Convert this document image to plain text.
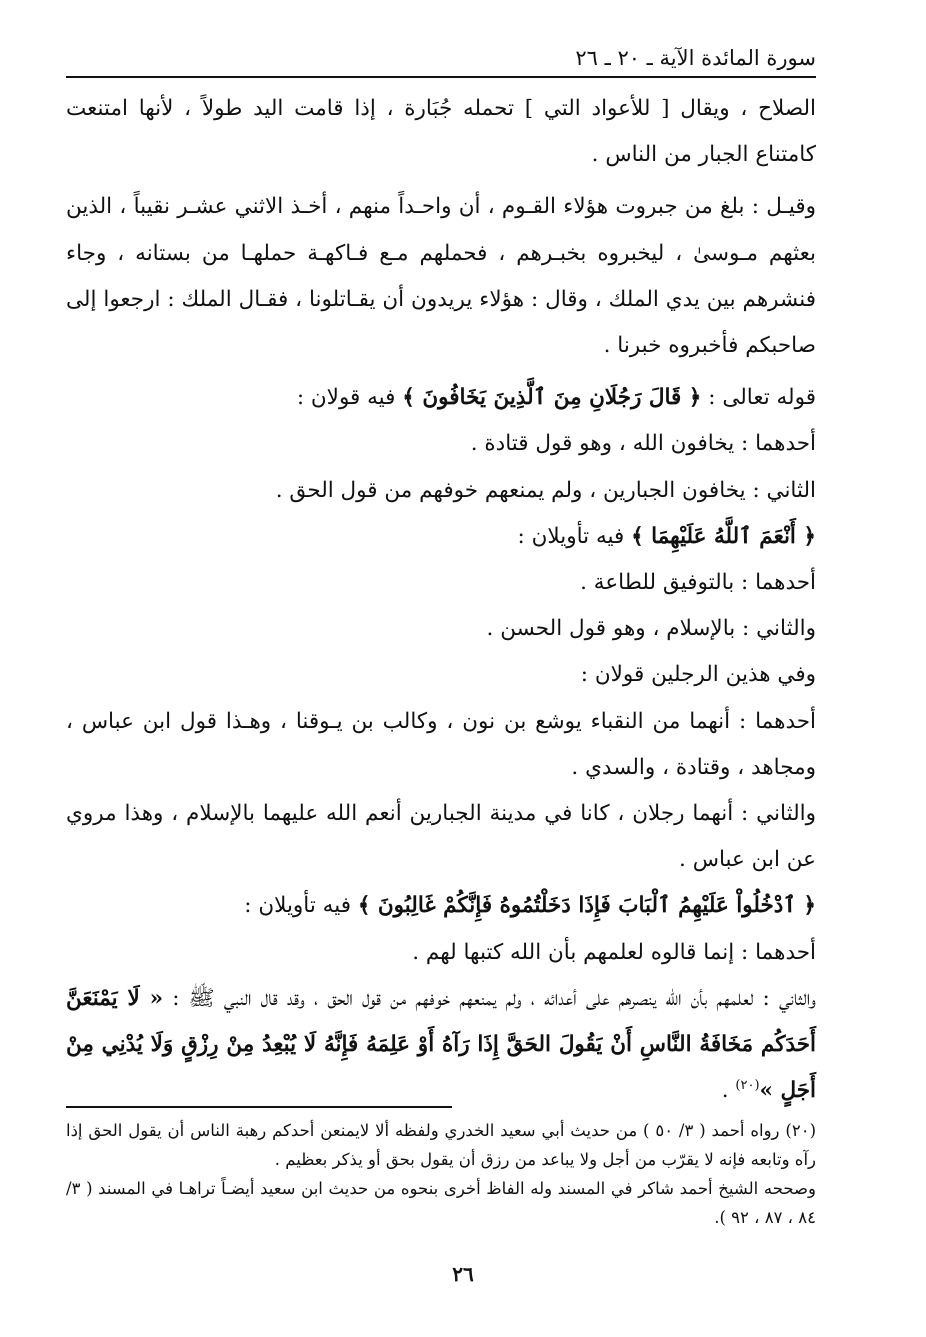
سورة المائدة الآية ـ ٢٠ ـ ٢٦

الصلاح ، ويقال [ للأعواد التي ] تحمله جُبَارة ، إذا قامت اليد طولاً ، لأنها امتنعت كامتناع الجبار من الناس .

وقيـل : بلغ من جبروت هؤلاء القـوم ، أن واحـداً منهم ، أخـذ الاثني عشـر نقيباً ، الذين بعثهم مـوسىٰ ، ليخبروه بخبـرهم ، فحملهم مـع فـاكهـة حملهـا من بستانه ، وجاء فنشرهم بين يدي الملك ، وقال : هؤلاء يريدون أن يقـاتلونا ، فقـال الملك : ارجعوا إلى صاحبكم فأخبروه خبرنا .

قوله تعالى : ﴿ قَالَ رَجُلَانِ مِنَ ٱلَّذِينَ يَخَافُونَ ﴾ فيه قولان :

أحدهما : يخافون الله ، وهو قول قتادة .

الثاني : يخافون الجبارين ، ولم يمنعهم خوفهم من قول الحق .

﴿ أَنْعَمَ ٱللَّهُ عَلَيْهِمَا ﴾ فيه تأويلان :

أحدهما : بالتوفيق للطاعة .

والثاني : بالإسلام ، وهو قول الحسن .

وفي هذين الرجلين قولان :

أحدهما : أنهما من النقباء يوشع بن نون ، وكالب بن يـوقنا ، وهـذا قول ابن عباس ، ومجاهد ، وقتادة ، والسدي .

والثاني : أنهما رجلان ، كانا في مدينة الجبارين أنعم الله عليهما بالإسلام ، وهذا مروي عن ابن عباس .

﴿ ٱدْخُلُواْ عَلَيْهِمُ ٱلْبَابَ فَإِذَا دَخَلْتُمُوهُ فَإِنَّكُمْ غَالِبُونَ ﴾ فيه تأويلان :

أحدهما : إنما قالوه لعلمهم بأن الله كتبها لهم .

والثاني : لعلمهم بأن الله ينصرهم على أعدائه ، ولم يمنعهم خوفهم من قول الحق ، وقد قال النبي ﷺ : « لَا يَمْنَعَنَّ أَحَدَكُم مَخَافَةُ النَّاسِ أَنْ يَقُولَ الحَقَّ إِذَا رَآهُ أَوْ عَلِمَهُ فَإِنَّهُ لَا يُبْعِدُ مِنْ رِزْقٍ وَلَا يُدْنِي مِنْ أَجَلٍ »$^{(٢٠)}$ .

(٢٠) رواه أحمد ( ٣/ ٥٠ ) من حديث أبي سعيد الخدري ولفظه ألا لايمنعن أحدكم رهبة الناس أن يقول الحق إذا رآه وتابعه فإنه لا يقرّب من أجل ولا يباعد من رزق أن يقول بحق أو يذكر بعظيم .

وصححه الشيخ أحمد شاكر في المسند وله الفاظ أخرى بنحوه من حديث ابن سعيد أيضـاً تراهـا في المسند ( ٣/ ٨٤ ، ٨٧ ، ٩٢ ).

٢٦
